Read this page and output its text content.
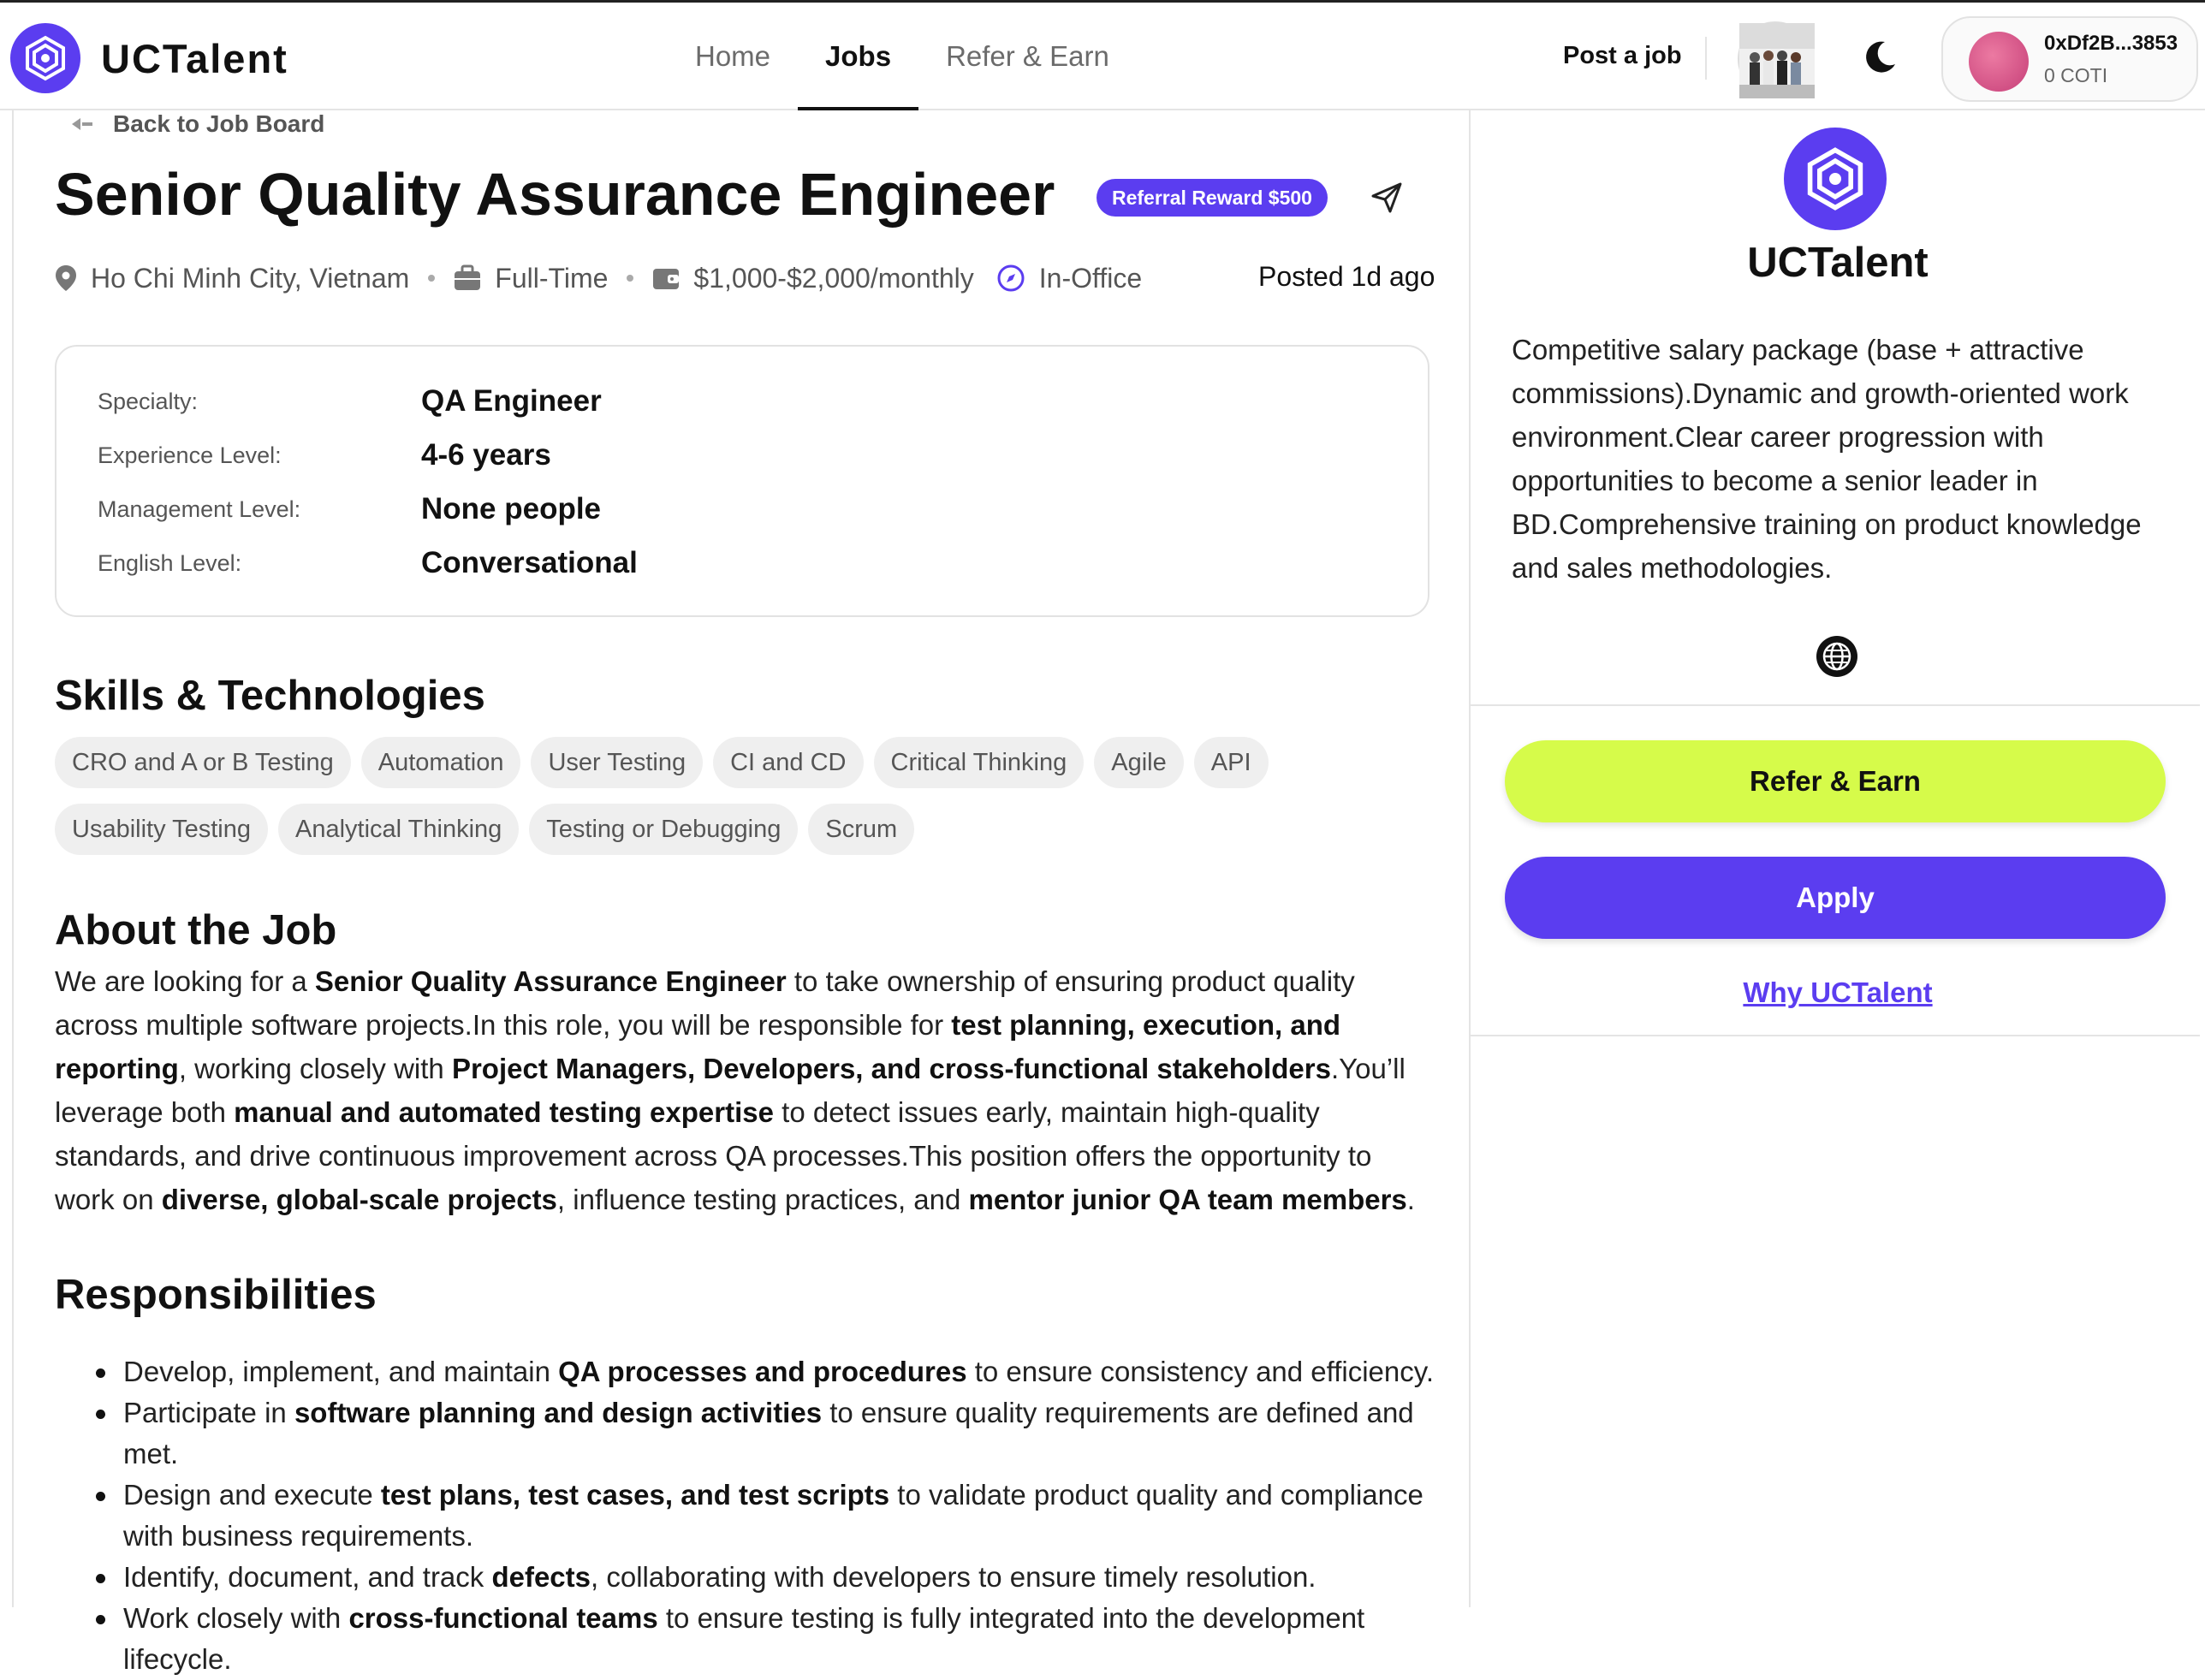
UCTalent	Home	Jobs	Refer & Earn	Post a job	0xDf2B...3853
0 COTI
Back to Job Board
Senior Quality Assurance Engineer	Referral Reward $500
Ho Chi Minh City, Vietnam	Full-Time	$1,000-$2,000/monthly In-Office	Posted 1d ago
Specialty:	QA Engineer
Experience Level:	4-6 years
Management Level:	None people
English Level:	Conversational
Skills & Technologies
CRO and A or B Testing	Automation	User Testing	CI and CD	Critical Thinking	Agile	API
Usability Testing	Analytical Thinking	Testing or Debugging	Scrum
About the Job

We are looking for a Senior Quality Assurance Engineer to take ownership of ensuring product quality across multiple software projects.In this role, you will be responsible for test planning, execution, and reporting, working closely with Project Managers, Developers, and cross-functional stakeholders.You’ll leverage both manual and automated testing expertise to detect issues early, maintain high-quality standards, and drive continuous improvement across QA processes.This position offers the opportunity to work on diverse, global-scale projects, influence testing practices, and mentor junior QA team members.

Responsibilities
Develop, implement, and maintain QA processes and procedures to ensure consistency and efficiency.
Participate in software planning and design activities to ensure quality requirements are defined and met.
Design and execute test plans, test cases, and test scripts to validate product quality and compliance with business requirements.
Identify, document, and track defects, collaborating with developers to ensure timely resolution.
Work closely with cross-functional teams to ensure testing is fully integrated into the development lifecycle.
UCTalent

Competitive salary package (base + attractive commissions).Dynamic and growth-oriented work environment.Clear career progression with opportunities to become a senior leader in BD.Comprehensive training on product knowledge and sales methodologies.

Refer & Earn
Apply
Why UCTalent
